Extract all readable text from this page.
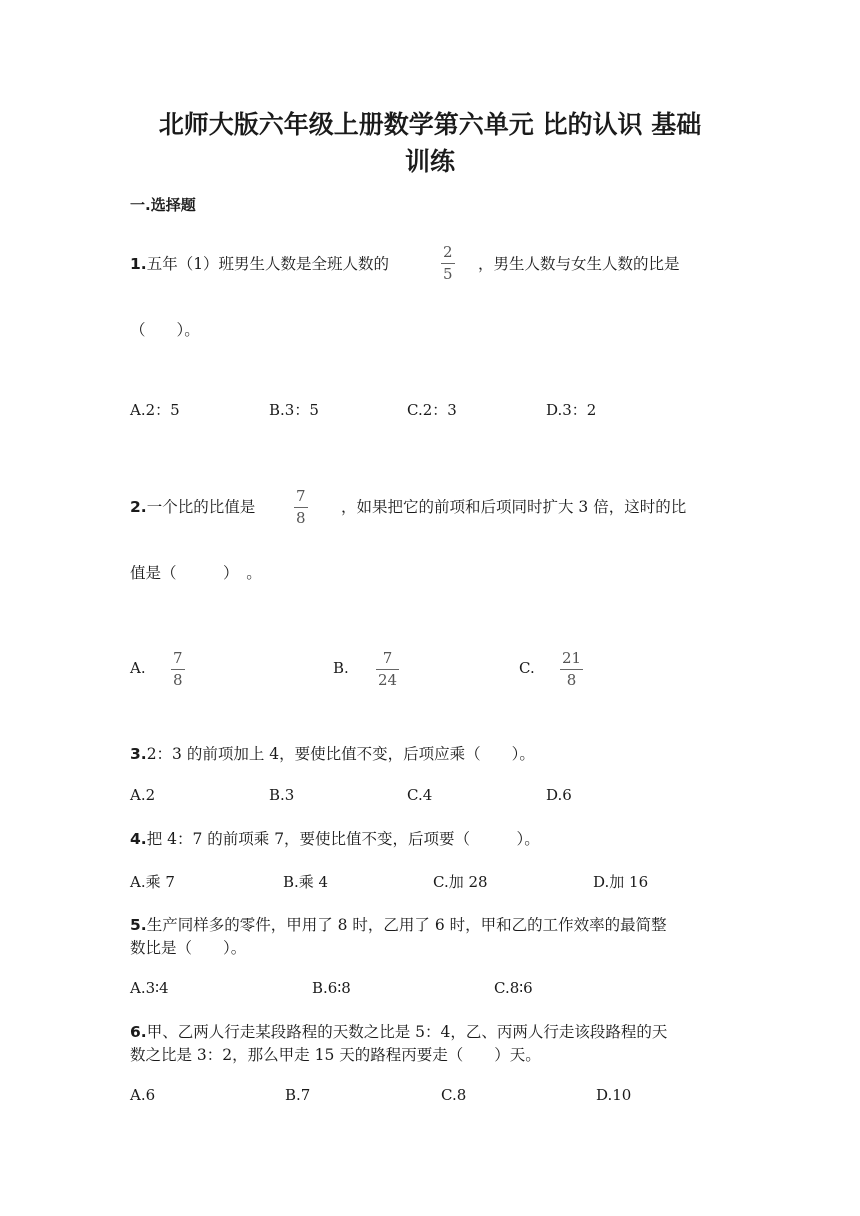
北师大版六年级上册数学第六单元 比的认识 基础
训练
一.选择题
1.五年（1）班男生人数是全班人数的
2
5
，男生人数与女生人数的比是
（　　）。
A.2：5	B.3：5	C.2：3	D.3：2
2.一个比的比值是
7
8
，如果把它的前项和后项同时扩大 3 倍，这时的比
值是（　　　）　。
A.
7
8
B.
7
24
C.
21
8
3.2：3 的前项加上 4，要使比值不变，后项应乘（　　）。
A.2	B.3	C.4	D.6
4.把 4：7 的前项乘 7，要使比值不变，后项要（　　　）。
A.乘 7	B.乘 4	C.加 28	D.加 16
5.生产同样多的零件，甲用了 8 时，乙用了 6 时，甲和乙的工作效率的最简整
数比是（　　）。
A.3∶4	B.6∶8	C.8∶6
6.甲、乙两人行走某段路程的天数之比是 5：4，乙、丙两人行走该段路程的天
数之比是 3：2，那么甲走 15 天的路程丙要走（　　）天。
A.6	B.7	C.8	D.10
